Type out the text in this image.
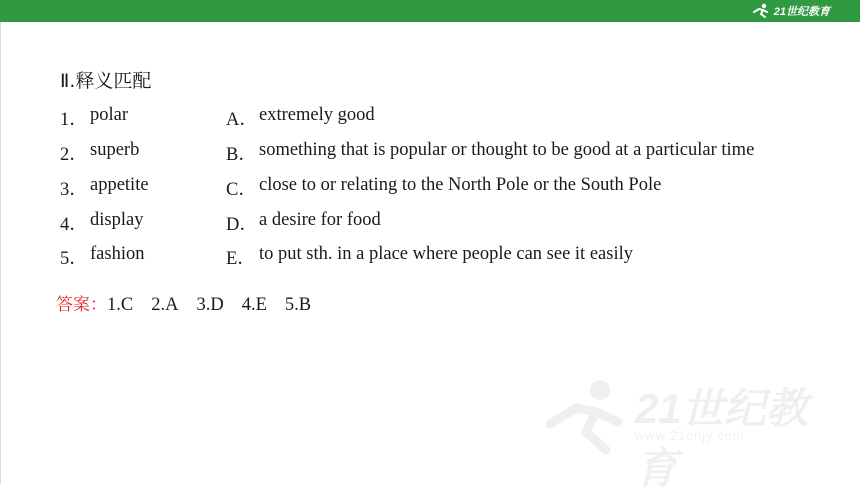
21世纪教育
Ⅱ.释义匹配
1． polar	A． extremely good
2． superb	B． something that is popular or thought to be good at a particular time
3． appetite	C． close to or relating to the North Pole or the South Pole
4． display	D． a desire for food
5． fashion	E． to put sth. in a place where people can see it easily
答案：1.C 2.A 3.D 4.E 5.B
21世纪教育
www.21cnjy.com
